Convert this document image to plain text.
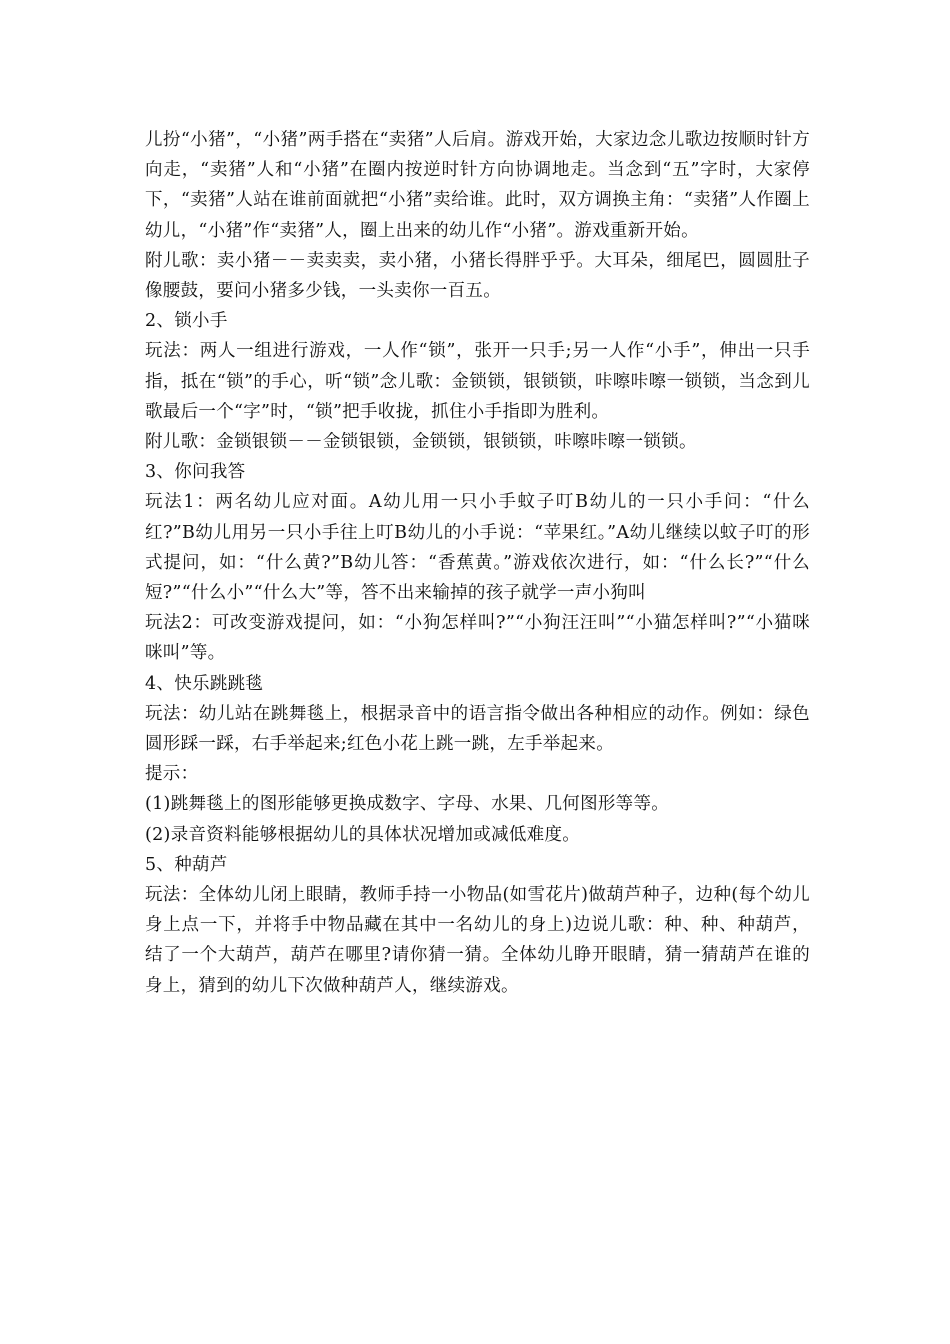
儿扮“小猪”，“小猪”两手搭在“卖猪”人后肩。游戏开始，大家边念儿歌边按顺时针方向走，“卖猪”人和“小猪”在圈内按逆时针方向协调地走。当念到“五”字时，大家停下，“卖猪”人站在谁前面就把“小猪”卖给谁。此时，双方调换主角：“卖猪”人作圈上幼儿，“小猪”作“卖猪”人，圈上出来的幼儿作“小猪”。游戏重新开始。

附儿歌：卖小猪－－卖卖卖，卖小猪，小猪长得胖乎乎。大耳朵，细尾巴，圆圆肚子像腰鼓，要问小猪多少钱，一头卖你一百五。

2、锁小手

玩法：两人一组进行游戏，一人作“锁”，张开一只手;另一人作“小手”，伸出一只手指，抵在“锁”的手心，听“锁”念儿歌：金锁锁，银锁锁，咔嚓咔嚓一锁锁，当念到儿歌最后一个“字”时，“锁”把手收拢，抓住小手指即为胜利。

附儿歌：金锁银锁－－金锁银锁，金锁锁，银锁锁，咔嚓咔嚓一锁锁。

3、你问我答

玩法1：两名幼儿应对面。A幼儿用一只小手蚊子叮B幼儿的一只小手问：“什么红?”B幼儿用另一只小手往上叮B幼儿的小手说：“苹果红。”A幼儿继续以蚊子叮的形式提问，如：“什么黄?”B幼儿答：“香蕉黄。”游戏依次进行，如：“什么长?”“什么短?”“什么小”“什么大”等，答不出来输掉的孩子就学一声小狗叫

玩法2：可改变游戏提问，如：“小狗怎样叫?”“小狗汪汪叫”“小猫怎样叫?”“小猫咪咪叫”等。

4、快乐跳跳毯

玩法：幼儿站在跳舞毯上，根据录音中的语言指令做出各种相应的动作。例如：绿色圆形踩一踩，右手举起来;红色小花上跳一跳，左手举起来。

提示：

(1)跳舞毯上的图形能够更换成数字、字母、水果、几何图形等等。

(2)录音资料能够根据幼儿的具体状况增加或减低难度。

5、种葫芦

玩法：全体幼儿闭上眼睛，教师手持一小物品(如雪花片)做葫芦种子，边种(每个幼儿身上点一下，并将手中物品藏在其中一名幼儿的身上)边说儿歌：种、种、种葫芦，结了一个大葫芦，葫芦在哪里?请你猜一猜。全体幼儿睁开眼睛，猜一猜葫芦在谁的身上，猜到的幼儿下次做种葫芦人，继续游戏。
